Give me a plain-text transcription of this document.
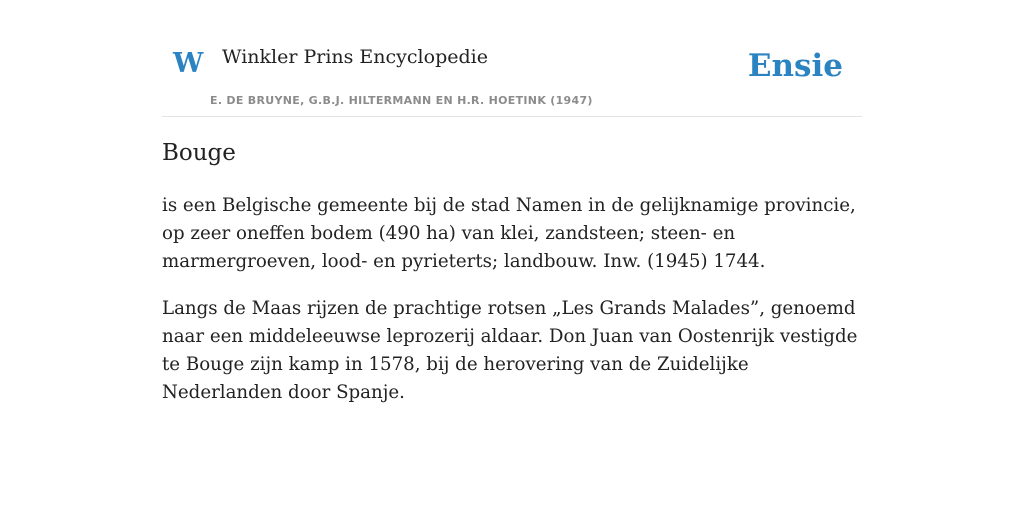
W Winkler Prins Encyclopedie
E. DE BRUYNE, G.B.J. HILTERMANN EN H.R. HOETINK (1947)
Ensie
Bouge

is een Belgische gemeente bij de stad Namen in de gelijknamige provincie, op zeer oneffen bodem (490 ha) van klei, zandsteen; steen- en marmergroeven, lood- en pyrieterts; landbouw. Inw. (1945) 1744.

Langs de Maas rijzen de prachtige rotsen „Les Grands Malades”, genoemd naar een middeleeuwse leprozerij aldaar. Don Juan van Oostenrijk vestigde te Bouge zijn kamp in 1578, bij de herovering van de Zuidelijke Nederlanden door Spanje.
